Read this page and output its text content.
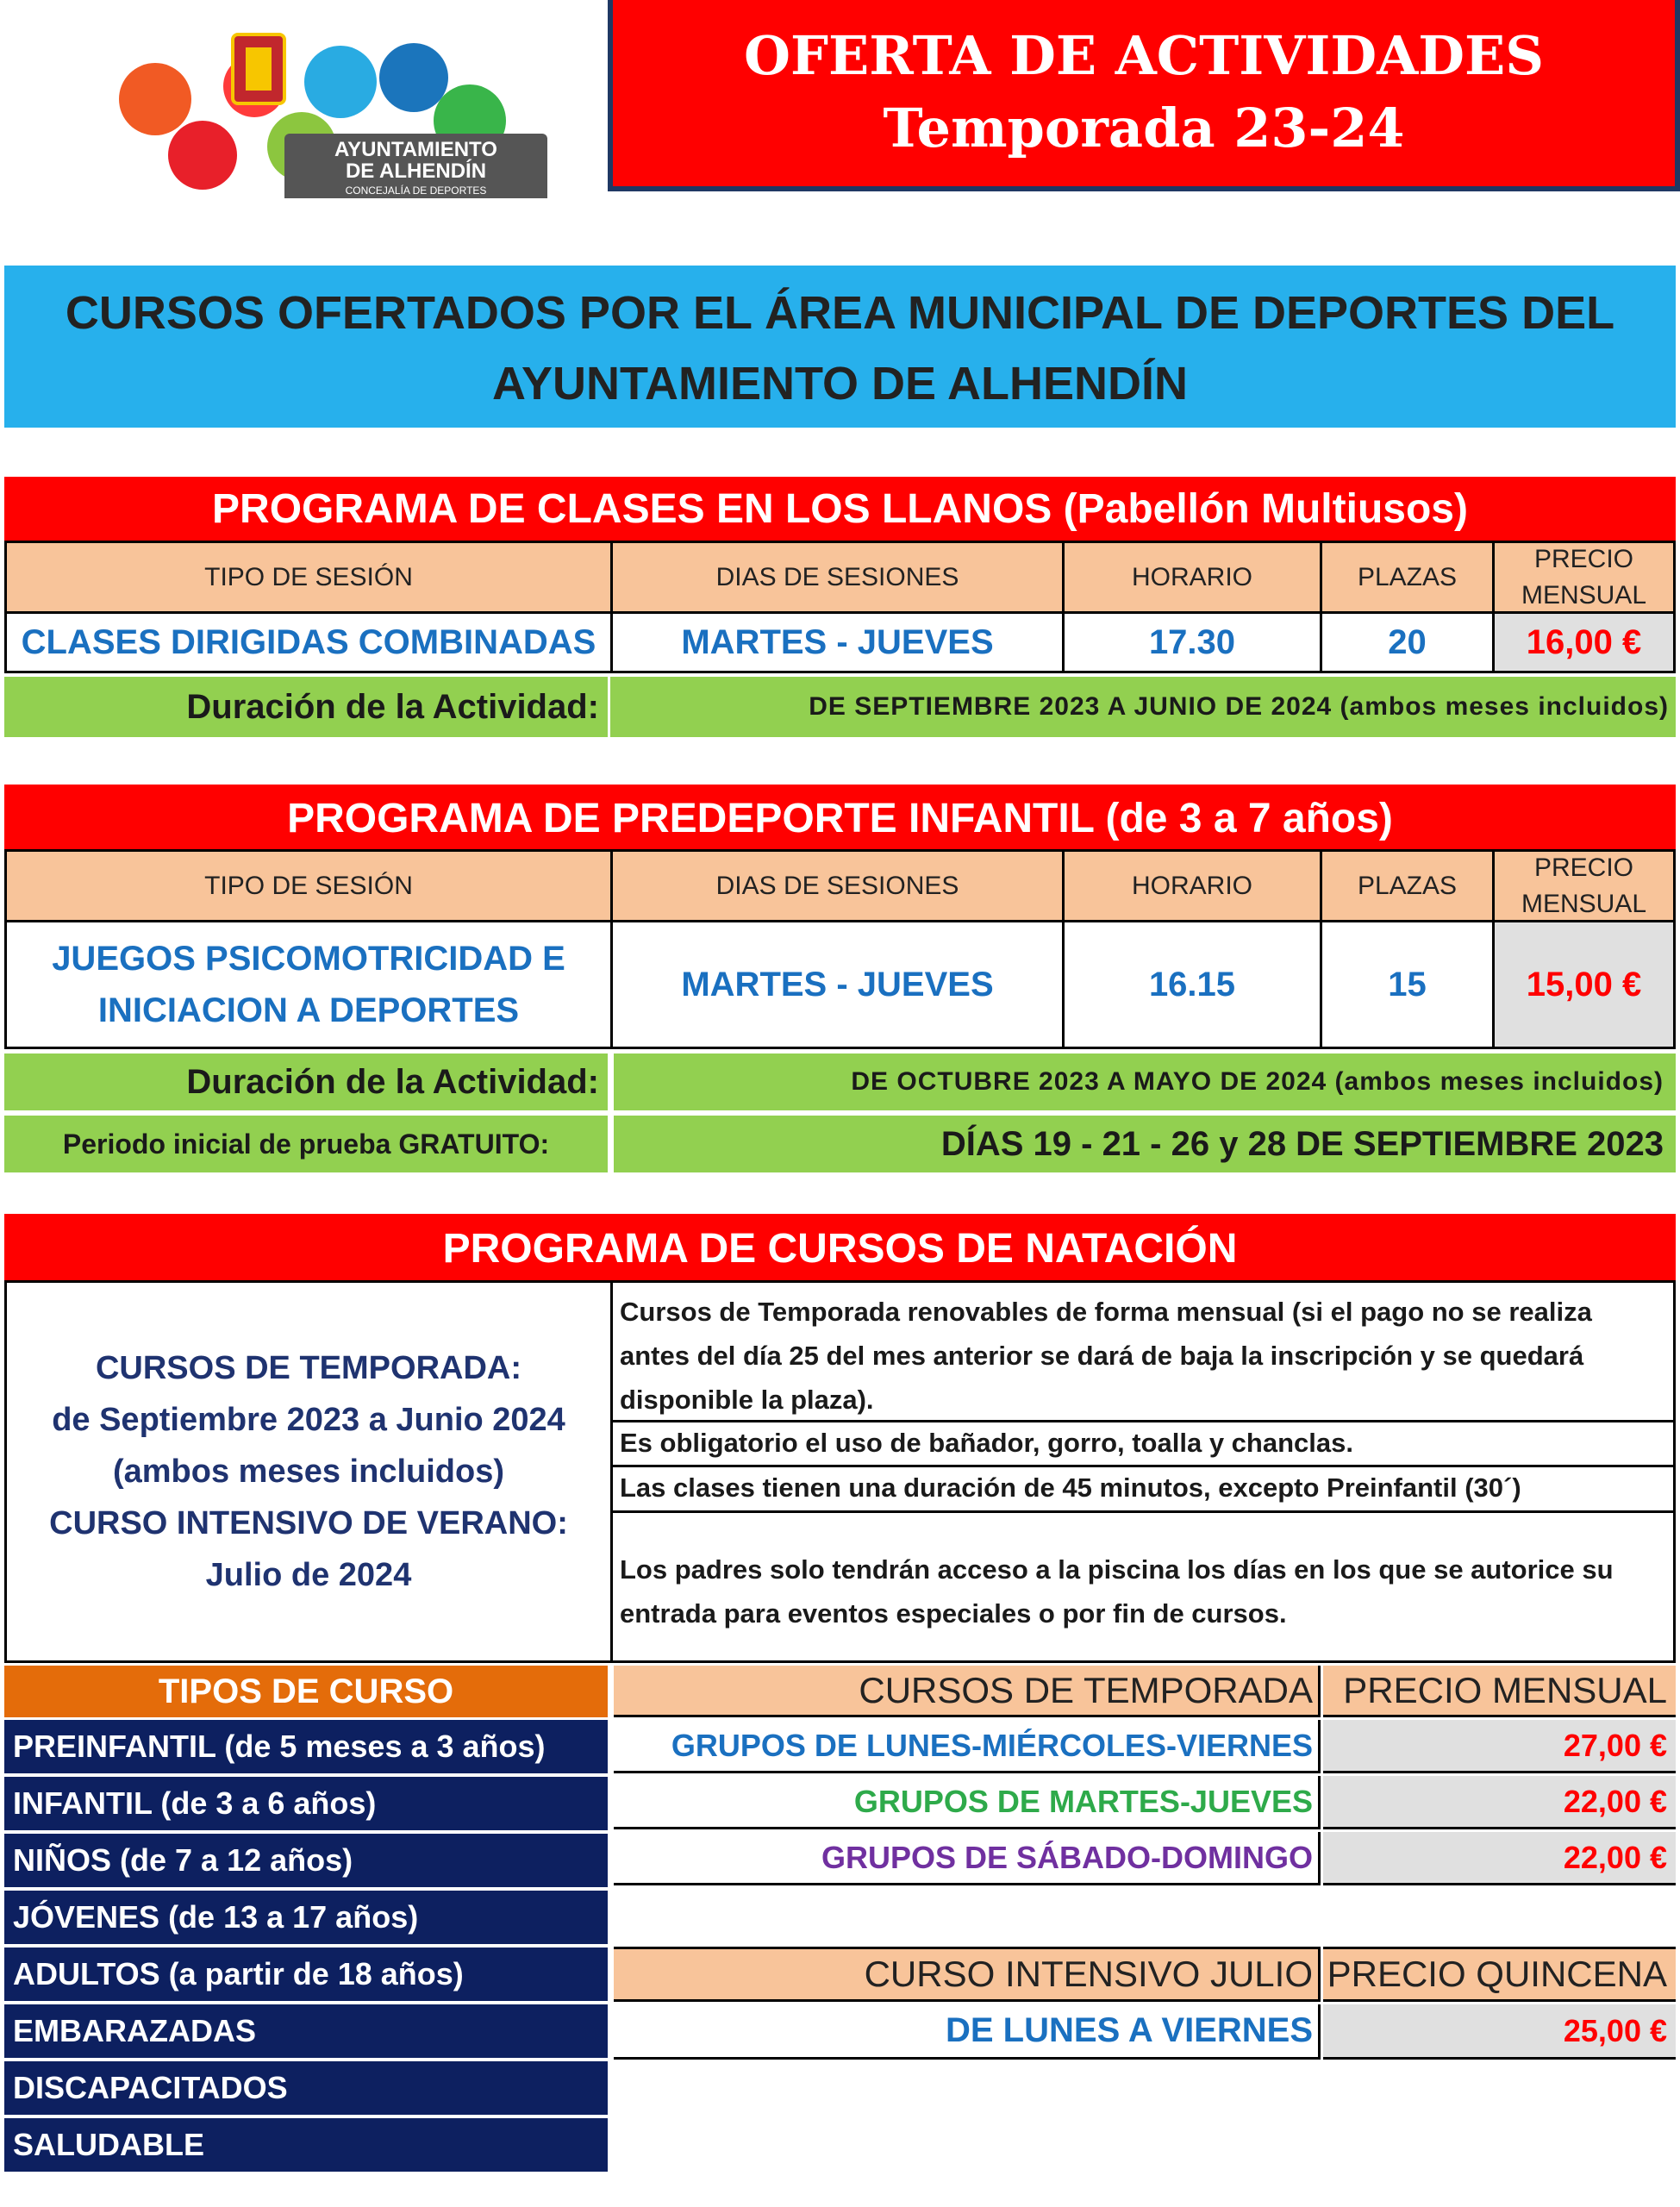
AYUNTAMIENTO
DE ALHENDÍN
CONCEJALÍA DE DEPORTES
OFERTA DE ACTIVIDADES
Temporada 23-24
CURSOS OFERTADOS POR EL ÁREA MUNICIPAL DE DEPORTES DEL
AYUNTAMIENTO DE ALHENDÍN
PROGRAMA DE CLASES EN LOS LLANOS (Pabellón Multiusos)
TIPO DE SESIÓN	DIAS DE SESIONES	HORARIO	PLAZAS
PRECIO
MENSUAL
CLASES DIRIGIDAS COMBINADAS	MARTES - JUEVES	17.30	20	16,00 €
Duración de la Actividad:	DE SEPTIEMBRE 2023 A JUNIO DE 2024 (ambos meses incluidos)
PROGRAMA DE PREDEPORTE INFANTIL (de 3 a 7 años)
TIPO DE SESIÓN	DIAS DE SESIONES	HORARIO	PLAZAS
PRECIO
MENSUAL
JUEGOS PSICOMOTRICIDAD E
INICIACION A DEPORTES
MARTES - JUEVES	16.15	15	15,00 €
Duración de la Actividad:	DE OCTUBRE 2023 A MAYO DE 2024 (ambos meses incluidos)
Periodo inicial de prueba GRATUITO:	DÍAS 19 - 21 - 26 y 28 DE SEPTIEMBRE 2023
PROGRAMA DE CURSOS DE NATACIÓN
CURSOS DE TEMPORADA:
de Septiembre 2023 a Junio 2024
(ambos meses incluidos)
CURSO INTENSIVO DE VERANO:
Julio de 2024
Cursos de Temporada renovables de forma mensual (si el pago no se realiza antes del día 25 del mes anterior se dará de baja la inscripción y se quedará disponible la plaza).
Es obligatorio el uso de bañador, gorro, toalla y chanclas.
Las clases tienen una duración de 45 minutos, excepto Preinfantil (30´)
Los padres solo tendrán acceso a la piscina los días en los que se autorice su entrada para eventos especiales o por fin de cursos.
TIPOS DE CURSO
PREINFANTIL (de 5 meses a 3 años)
INFANTIL (de 3 a 6 años)
NIÑOS (de 7 a 12 años)
JÓVENES (de 13 a 17 años)
ADULTOS (a partir de 18 años)
EMBARAZADAS
DISCAPACITADOS
SALUDABLE
CURSOS DE TEMPORADA PRECIO MENSUAL
GRUPOS DE LUNES-MIÉRCOLES-VIERNES	27,00 €
GRUPOS DE MARTES-JUEVES	22,00 €
GRUPOS DE SÁBADO-DOMINGO	22,00 €
CURSO INTENSIVO JULIO PRECIO QUINCENA
DE LUNES A VIERNES	25,00 €
